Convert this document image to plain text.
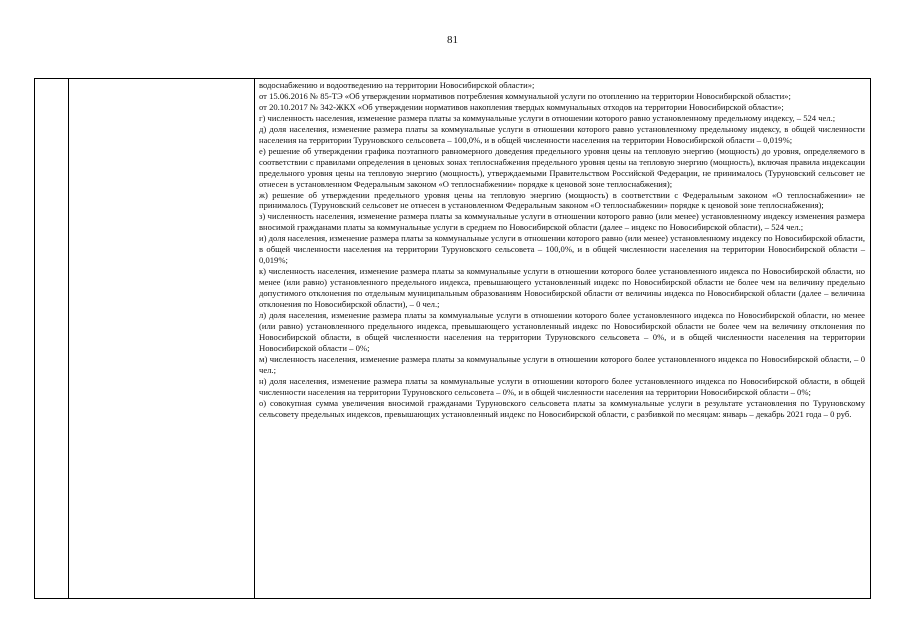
81

водоснабжению и водоотведению на территории Новосибирской области»;

от 15.06.2016 № 85-ТЭ «Об утверждении нормативов потребления коммунальной услуги по отоплению на территории Новосибирской области»;

от 20.10.2017 № 342-ЖКХ «Об утверждении нормативов накопления твердых коммунальных отходов на территории Новосибирской области»;

г) численность населения, изменение размера платы за коммунальные услуги в отношении которого равно установленному предельному индексу, – 524 чел.;

д) доля населения, изменение размера платы за коммунальные услуги в отношении которого равно установленному предельному индексу, в общей численности населения на территории Туруновского сельсовета – 100,0%, и в общей численности населения на территории Новосибирской области – 0,019%;

е) решение об утверждении графика поэтапного равномерного доведения предельного уровня цены на тепловую энергию (мощность) до уровня, определяемого в соответствии с правилами определения в ценовых зонах теплоснабжения предельного уровня цены на тепловую энергию (мощность), включая правила индексации предельного уровня цены на тепловую энергию (мощность), утверждаемыми Правительством Российской Федерации, не принималось (Туруновский сельсовет не отнесен в установленном Федеральным законом «О теплоснабжении» порядке к ценовой зоне теплоснабжения);

ж) решение об утверждении предельного уровня цены на тепловую энергию (мощность) в соответствии с Федеральным законом «О теплоснабжении» не принималось (Туруновский сельсовет не отнесен в установленном Федеральным законом «О теплоснабжении» порядке к ценовой зоне теплоснабжения);

з) численность населения, изменение размера платы за коммунальные услуги в отношении которого равно (или менее) установленному индексу изменения размера вносимой гражданами платы за коммунальные услуги в среднем по Новосибирской области (далее – индекс по Новосибирской области), – 524 чел.;

и) доля населения, изменение размера платы за коммунальные услуги в отношении которого равно (или менее) установленному индексу по Новосибирской области, в общей численности населения на территории Туруновского сельсовета – 100,0%, и в общей численности населения на территории Новосибирской области – 0,019%;

к) численность населения, изменение размера платы за коммунальные услуги в отношении которого более установленного индекса по Новосибирской области, но менее (или равно) установленного предельного индекса, превышающего установленный индекс по Новосибирской области не более чем на величину предельно допустимого отклонения по отдельным муниципальным образованиям Новосибирской области от величины индекса по Новосибирской области (далее – величина отклонения по Новосибирской области), – 0 чел.;

л) доля населения, изменение размера платы за коммунальные услуги в отношении которого более установленного индекса по Новосибирской области, но менее (или равно) установленного предельного индекса, превышающего установленный индекс по Новосибирской области не более чем на величину отклонения по Новосибирской области, в общей численности населения на территории Туруновского сельсовета – 0%, и в общей численности населения на территории Новосибирской области – 0%;

м) численность населения, изменение размера платы за коммунальные услуги в отношении которого более установленного индекса по Новосибирской области, – 0 чел.;

н) доля населения, изменение размера платы за коммунальные услуги в отношении которого более установленного индекса по Новосибирской области, в общей численности населения на территории Туруновского сельсовета – 0%, и в общей численности населения на территории Новосибирской области – 0%;

о) совокупная сумма увеличения вносимой гражданами Туруновского сельсовета платы за коммунальные услуги в результате установления по Туруновскому сельсовету предельных индексов, превышающих установленный индекс по Новосибирской области, с разбивкой по месяцам: январь – декабрь 2021 года – 0 руб.
